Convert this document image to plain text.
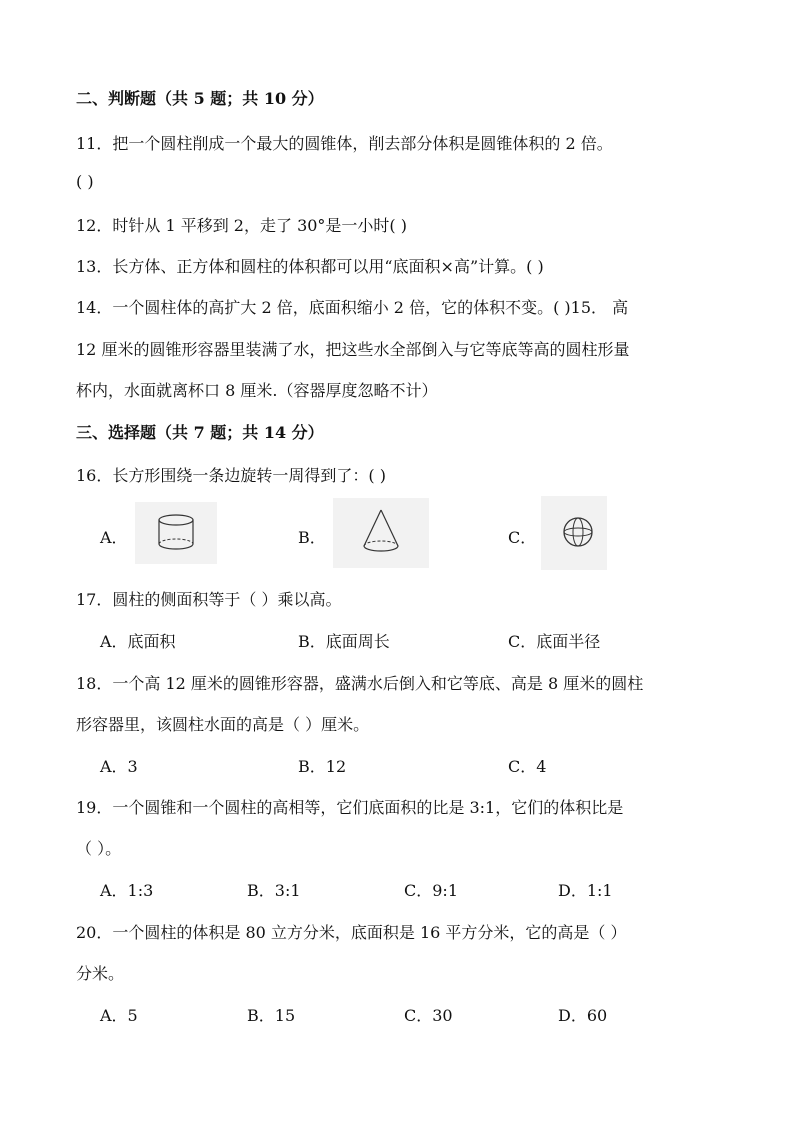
二、判断题（共 5 题；共 10 分）
11．把一个圆柱削成一个最大的圆锥体，削去部分体积是圆锥体积的 2 倍。
( )
12．时针从 1 平移到 2，走了 30°是一小时( )
13．长方体、正方体和圆柱的体积都可以用“底面积×高”计算。( )
14．一个圆柱体的高扩大 2 倍，底面积缩小 2 倍，它的体积不变。( )15． 高
12 厘米的圆锥形容器里装满了水，把这些水全部倒入与它等底等高的圆柱形量
杯内，水面就离杯口 8 厘米.（容器厚度忽略不计）
三、选择题（共 7 题；共 14 分）
16．长方形围绕一条边旋转一周得到了：( )
A．	B．	C．
17．圆柱的侧面积等于（ ）乘以高。
A．底面积	B．底面周长	C．底面半径
18．一个高 12 厘米的圆锥形容器，盛满水后倒入和它等底、高是 8 厘米的圆柱
形容器里，该圆柱水面的高是（ ）厘米。
A．3	B．12	C．4
19．一个圆锥和一个圆柱的高相等，它们底面积的比是 3:1，它们的体积比是
（ ）。
A．1:3	B．3:1	C．9:1	D．1:1
20．一个圆柱的体积是 80 立方分米，底面积是 16 平方分米，它的高是（ ）
分米。
A．5	B．15	C．30	D．60
